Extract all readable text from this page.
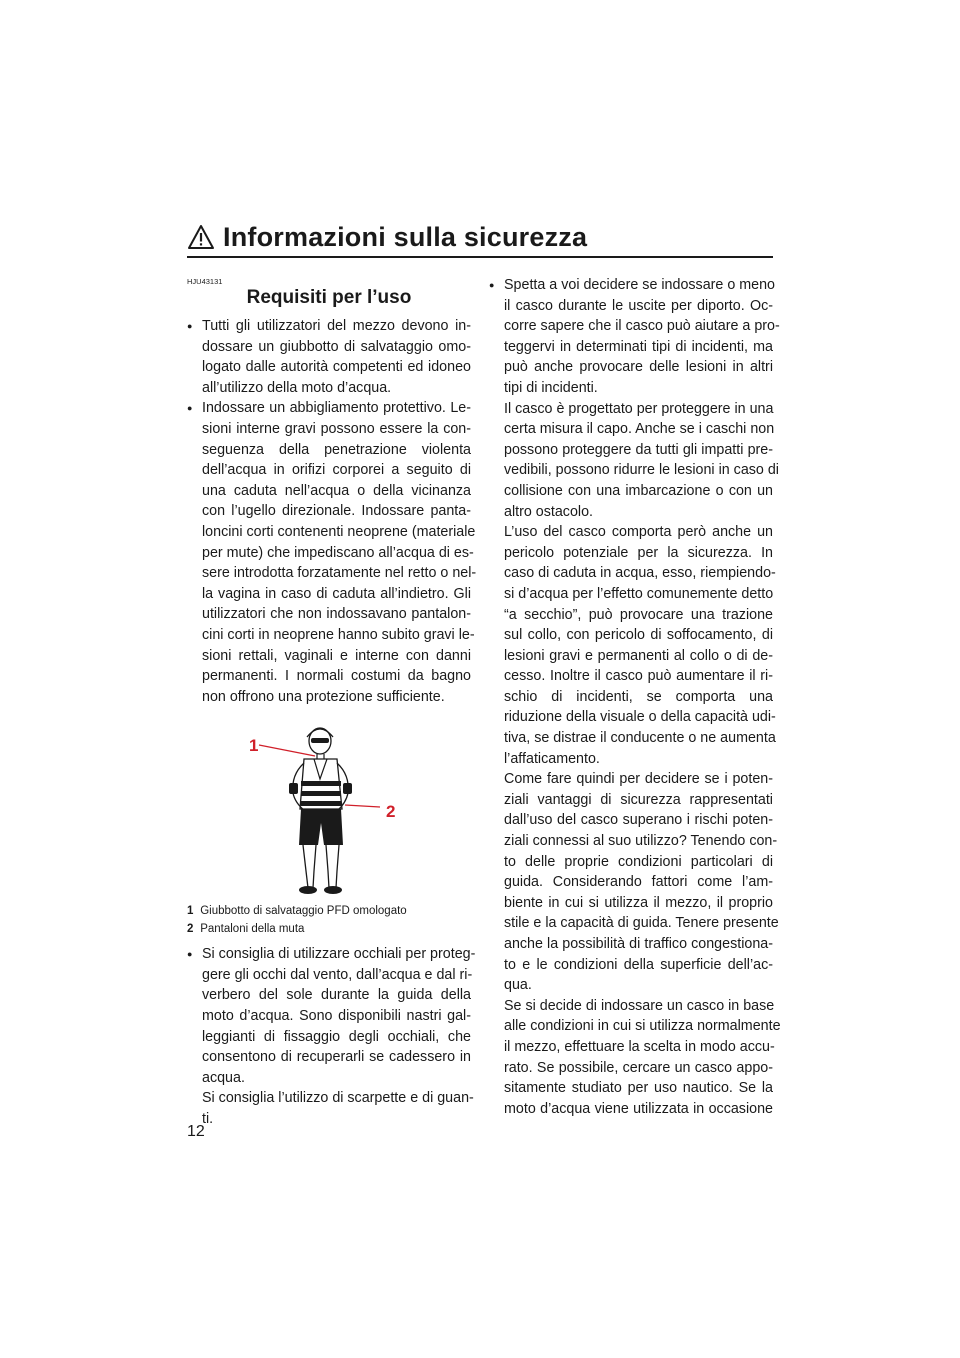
Informazioni sulla sicurezza
HJU43131
Requisiti per l’uso
● Tutti gli utilizzatori del mezzo devono in-
dossare un giubbotto di salvataggio omo-
logato dalle autorità competenti ed idoneo
all’utilizzo della moto d’acqua.
● Indossare un abbigliamento protettivo. Le-
sioni interne gravi possono essere la con-
seguenza della penetrazione violenta
dell’acqua in orifizi corporei a seguito di
una caduta nell’acqua o della vicinanza
con l’ugello direzionale. Indossare panta-
loncini corti contenenti neoprene (materiale
per mute) che impediscano all’acqua di es-
sere introdotta forzatamente nel retto o nel-
la vagina in caso di caduta all’indietro. Gli
utilizzatori che non indossavano pantalon-
cini corti in neoprene hanno subito gravi le-
sioni rettali, vaginali e interne con danni
permanenti. I normali costumi da bagno
non offrono una protezione sufficiente.
1
2
1 Giubbotto di salvataggio PFD omologato
2 Pantaloni della muta
● Si consiglia di utilizzare occhiali per proteg-
gere gli occhi dal vento, dall’acqua e dal ri-
verbero del sole durante la guida della
moto d’acqua. Sono disponibili nastri gal-
leggianti di fissaggio degli occhiali, che
consentono di recuperarli se cadessero in
acqua.
Si consiglia l’utilizzo di scarpette e di guan-
ti.
● Spetta a voi decidere se indossare o meno
il casco durante le uscite per diporto. Oc-
corre sapere che il casco può aiutare a pro-
teggervi in determinati tipi di incidenti, ma
può anche provocare delle lesioni in altri
tipi di incidenti.
Il casco è progettato per proteggere in una
certa misura il capo. Anche se i caschi non
possono proteggere da tutti gli impatti pre-
vedibili, possono ridurre le lesioni in caso di
collisione con una imbarcazione o con un
altro ostacolo.
L’uso del casco comporta però anche un
pericolo potenziale per la sicurezza. In
caso di caduta in acqua, esso, riempiendo-
si d’acqua per l’effetto comunemente detto
“a secchio”, può provocare una trazione
sul collo, con pericolo di soffocamento, di
lesioni gravi e permanenti al collo o di de-
cesso. Inoltre il casco può aumentare il ri-
schio di incidenti, se comporta una
riduzione della visuale o della capacità udi-
tiva, se distrae il conducente o ne aumenta
l’affaticamento.
Come fare quindi per decidere se i poten-
ziali vantaggi di sicurezza rappresentati
dall’uso del casco superano i rischi poten-
ziali connessi al suo utilizzo? Tenendo con-
to delle proprie condizioni particolari di
guida. Considerando fattori come l’am-
biente in cui si utilizza il mezzo, il proprio
stile e la capacità di guida. Tenere presente
anche la possibilità di traffico congestiona-
to e le condizioni della superficie dell’ac-
qua.
Se si decide di indossare un casco in base
alle condizioni in cui si utilizza normalmente
il mezzo, effettuare la scelta in modo accu-
rato. Se possibile, cercare un casco appo-
sitamente studiato per uso nautico. Se la
moto d’acqua viene utilizzata in occasione
12
